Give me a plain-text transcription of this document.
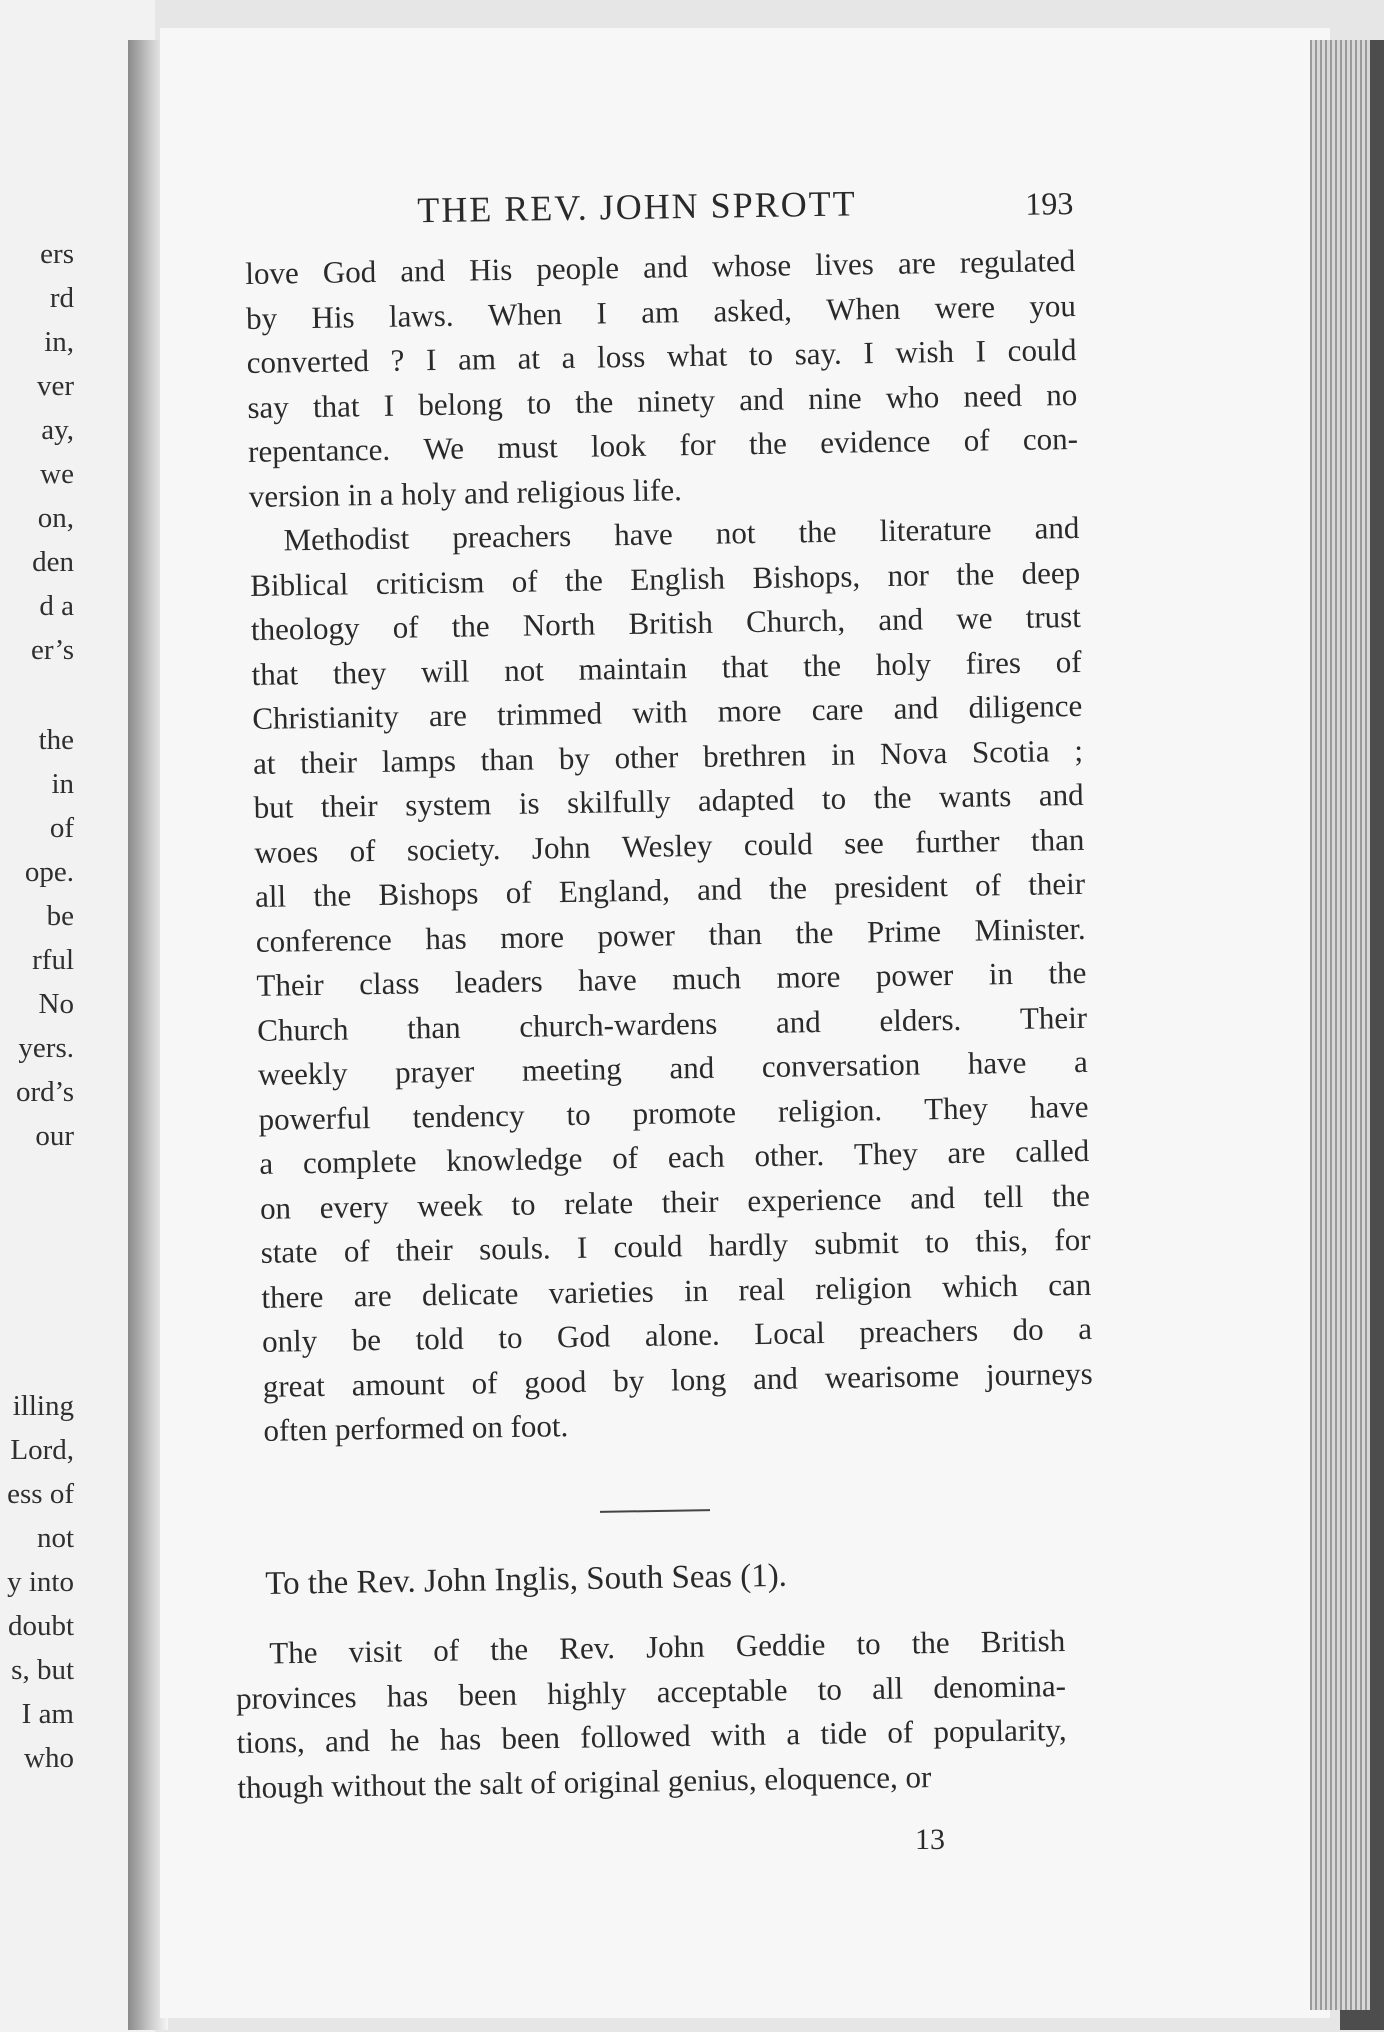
ers
rd
in,
ver
ay,
we
on,
den
d a
er’s
the
in
of
ope.
be
rful
No
yers.
ord’s
our
illing
Lord,
ess of
not
y into
doubt
s, but
I am
who
THE REV. JOHN SPROTT	193
love God and His people and whose lives are regulated
by His laws. When I am asked, When were you
converted ? I am at a loss what to say. I wish I could
say that I belong to the ninety and nine who need no
repentance. We must look for the evidence of con-
version in a holy and religious life.
Methodist preachers have not the literature and
Biblical criticism of the English Bishops, nor the deep
theology of the North British Church, and we trust
that they will not maintain that the holy fires of
Christianity are trimmed with more care and diligence
at their lamps than by other brethren in Nova Scotia ;
but their system is skilfully adapted to the wants and
woes of society. John Wesley could see further than
all the Bishops of England, and the president of their
conference has more power than the Prime Minister.
Their class leaders have much more power in the
Church than church-wardens and elders. Their
weekly prayer meeting and conversation have a
powerful tendency to promote religion. They have
a complete knowledge of each other. They are called
on every week to relate their experience and tell the
state of their souls. I could hardly submit to this, for
there are delicate varieties in real religion which can
only be told to God alone. Local preachers do a
great amount of good by long and wearisome journeys
often performed on foot.
To the Rev. John Inglis, South Seas (1).
The visit of the Rev. John Geddie to the British
provinces has been highly acceptable to all denomina-
tions, and he has been followed with a tide of popularity,
though without the salt of original genius, eloquence, or
13
